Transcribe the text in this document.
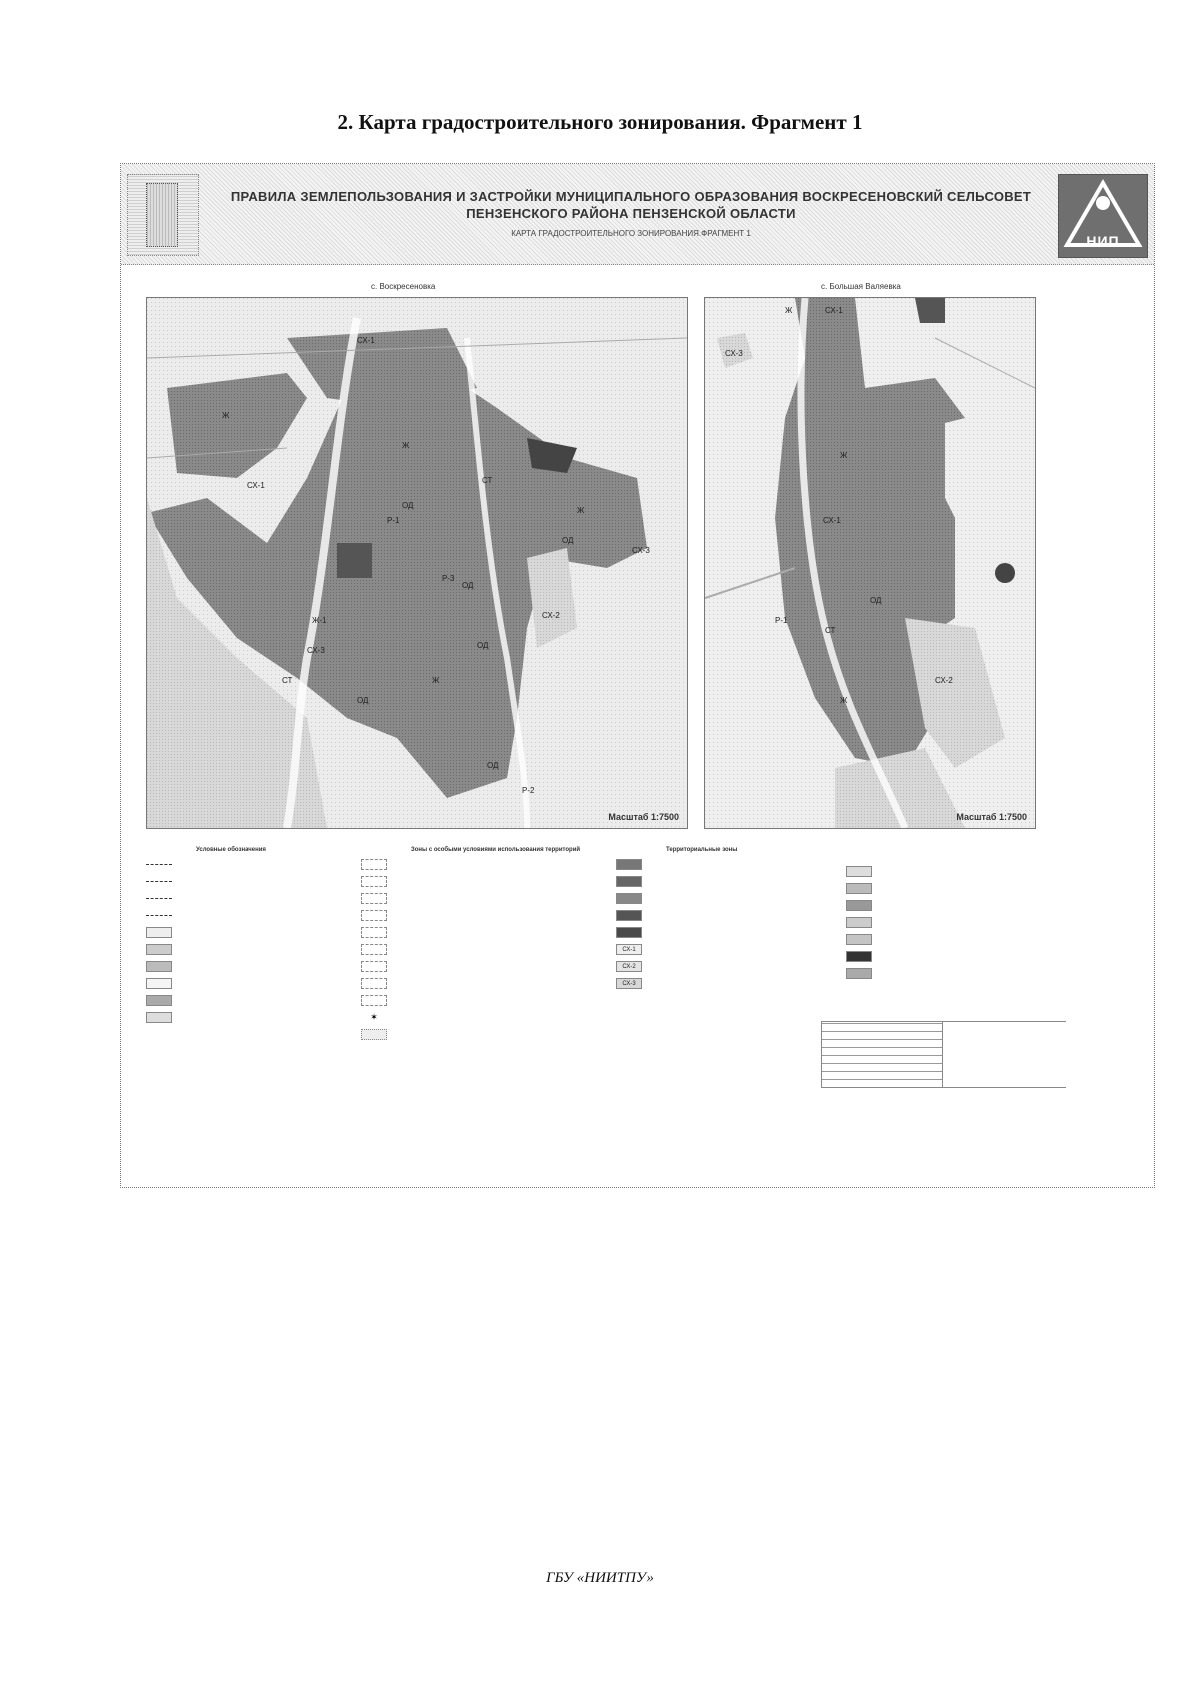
2. Карта градостроительного зонирования. Фрагмент 1
ПРАВИЛА ЗЕМЛЕПОЛЬЗОВАНИЯ И ЗАСТРОЙКИ МУНИЦИПАЛЬНОГО ОБРАЗОВАНИЯ ВОСКРЕСЕНОВСКИЙ СЕЛЬСОВЕТ
ПЕНЗЕНСКОГО РАЙОНА ПЕНЗЕНСКОЙ ОБЛАСТИ
КАРТА ГРАДОСТРОИТЕЛЬНОГО ЗОНИРОВАНИЯ.ФРАГМЕНТ 1	НИП
с. Воскресеновка	с. Большая Валяевка
СХ-1
Ж
СХ-1
Ж
ОД
Р-1
СТ
Ж
ОД
СХ-3
Р-3
ОД
СХ-2
ОД
Ж
ОД
СТ
ОД
Р-2
СХ-3
Ж-1
Масштаб 1:7500
Ж	СХ-1
СХ-3
Ж
СХ-1
ОД
СТ
Р-1
СХ-2
Ж
Масштаб 1:7500
Условные обозначения	Зоны с особыми условиями использования территорий
✶
Территориальные зоны
СХ-1
СХ-2
СХ-3
ГБУ «НИИТПУ»
